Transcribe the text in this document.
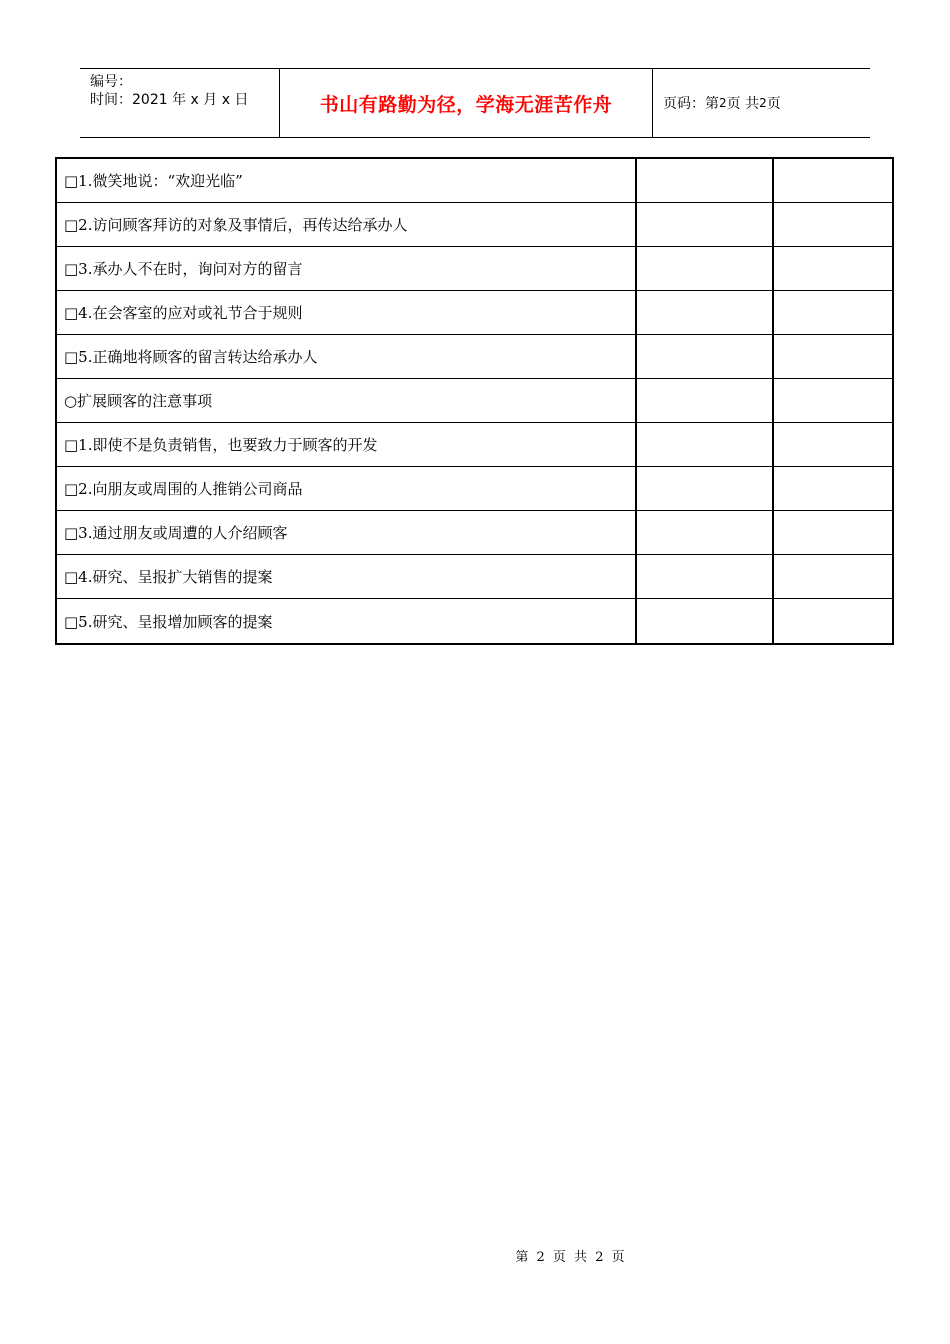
编号：
时间：2021 年 x 月 x 日	书山有路勤为径，学海无涯苦作舟	页码：第 2 页 共 2 页
□1.微笑地说：“欢迎光临”
□2.访问顾客拜访的对象及事情后，再传达给承办人
□3.承办人不在时，询问对方的留言
□4.在会客室的应对或礼节合于规则
□5.正确地将顾客的留言转达给承办人
○扩展顾客的注意事项
□1.即使不是负责销售，也要致力于顾客的开发
□2.向朋友或周围的人推销公司商品
□3.通过朋友或周遭的人介绍顾客
□4.研究、呈报扩大销售的提案
□5.研究、呈报增加顾客的提案
第 2 页 共 2 页
